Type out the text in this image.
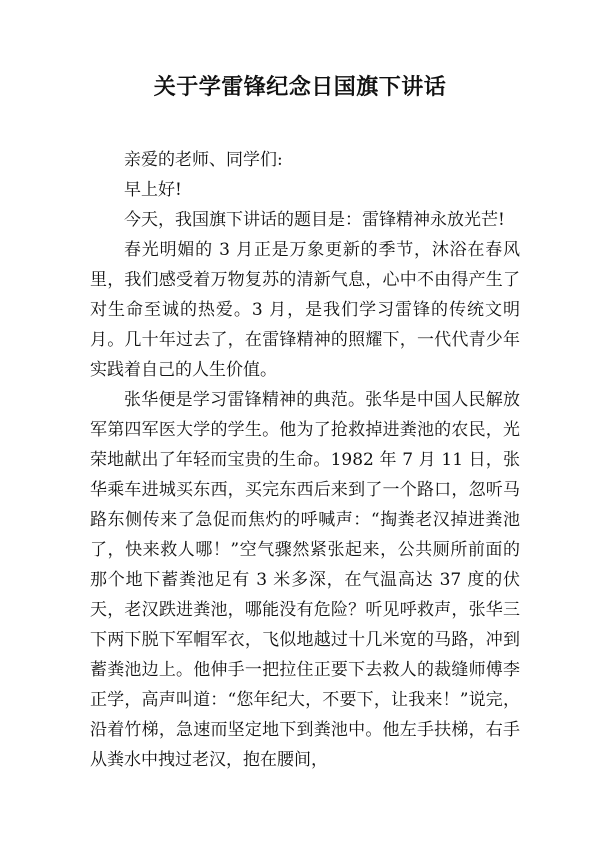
关于学雷锋纪念日国旗下讲话

亲爱的老师、同学们:

早上好!

今天，我国旗下讲话的题目是：雷锋精神永放光芒!

春光明媚的 3 月正是万象更新的季节，沐浴在春风里，我们感受着万物复苏的清新气息，心中不由得产生了对生命至诚的热爱。3 月，是我们学习雷锋的传统文明月。几十年过去了，在雷锋精神的照耀下，一代代青少年实践着自己的人生价值。

张华便是学习雷锋精神的典范。张华是中国人民解放军第四军医大学的学生。他为了抢救掉进粪池的农民，光荣地献出了年轻而宝贵的生命。1982 年 7 月 11 日，张华乘车进城买东西，买完东西后来到了一个路口，忽听马路东侧传来了急促而焦灼的呼喊声：“掏粪老汉掉进粪池了，快来救人哪！”空气骤然紧张起来，公共厕所前面的那个地下蓄粪池足有 3 米多深，在气温高达 37 度的伏天，老汉跌进粪池，哪能没有危险？听见呼救声，张华三下两下脱下军帽军衣，飞似地越过十几米宽的马路，冲到蓄粪池边上。他伸手一把拉住正要下去救人的裁缝师傅李正学，高声叫道：“您年纪大，不要下，让我来！”说完，沿着竹梯，急速而坚定地下到粪池中。他左手扶梯，右手从粪水中拽过老汉，抱在腰间，
